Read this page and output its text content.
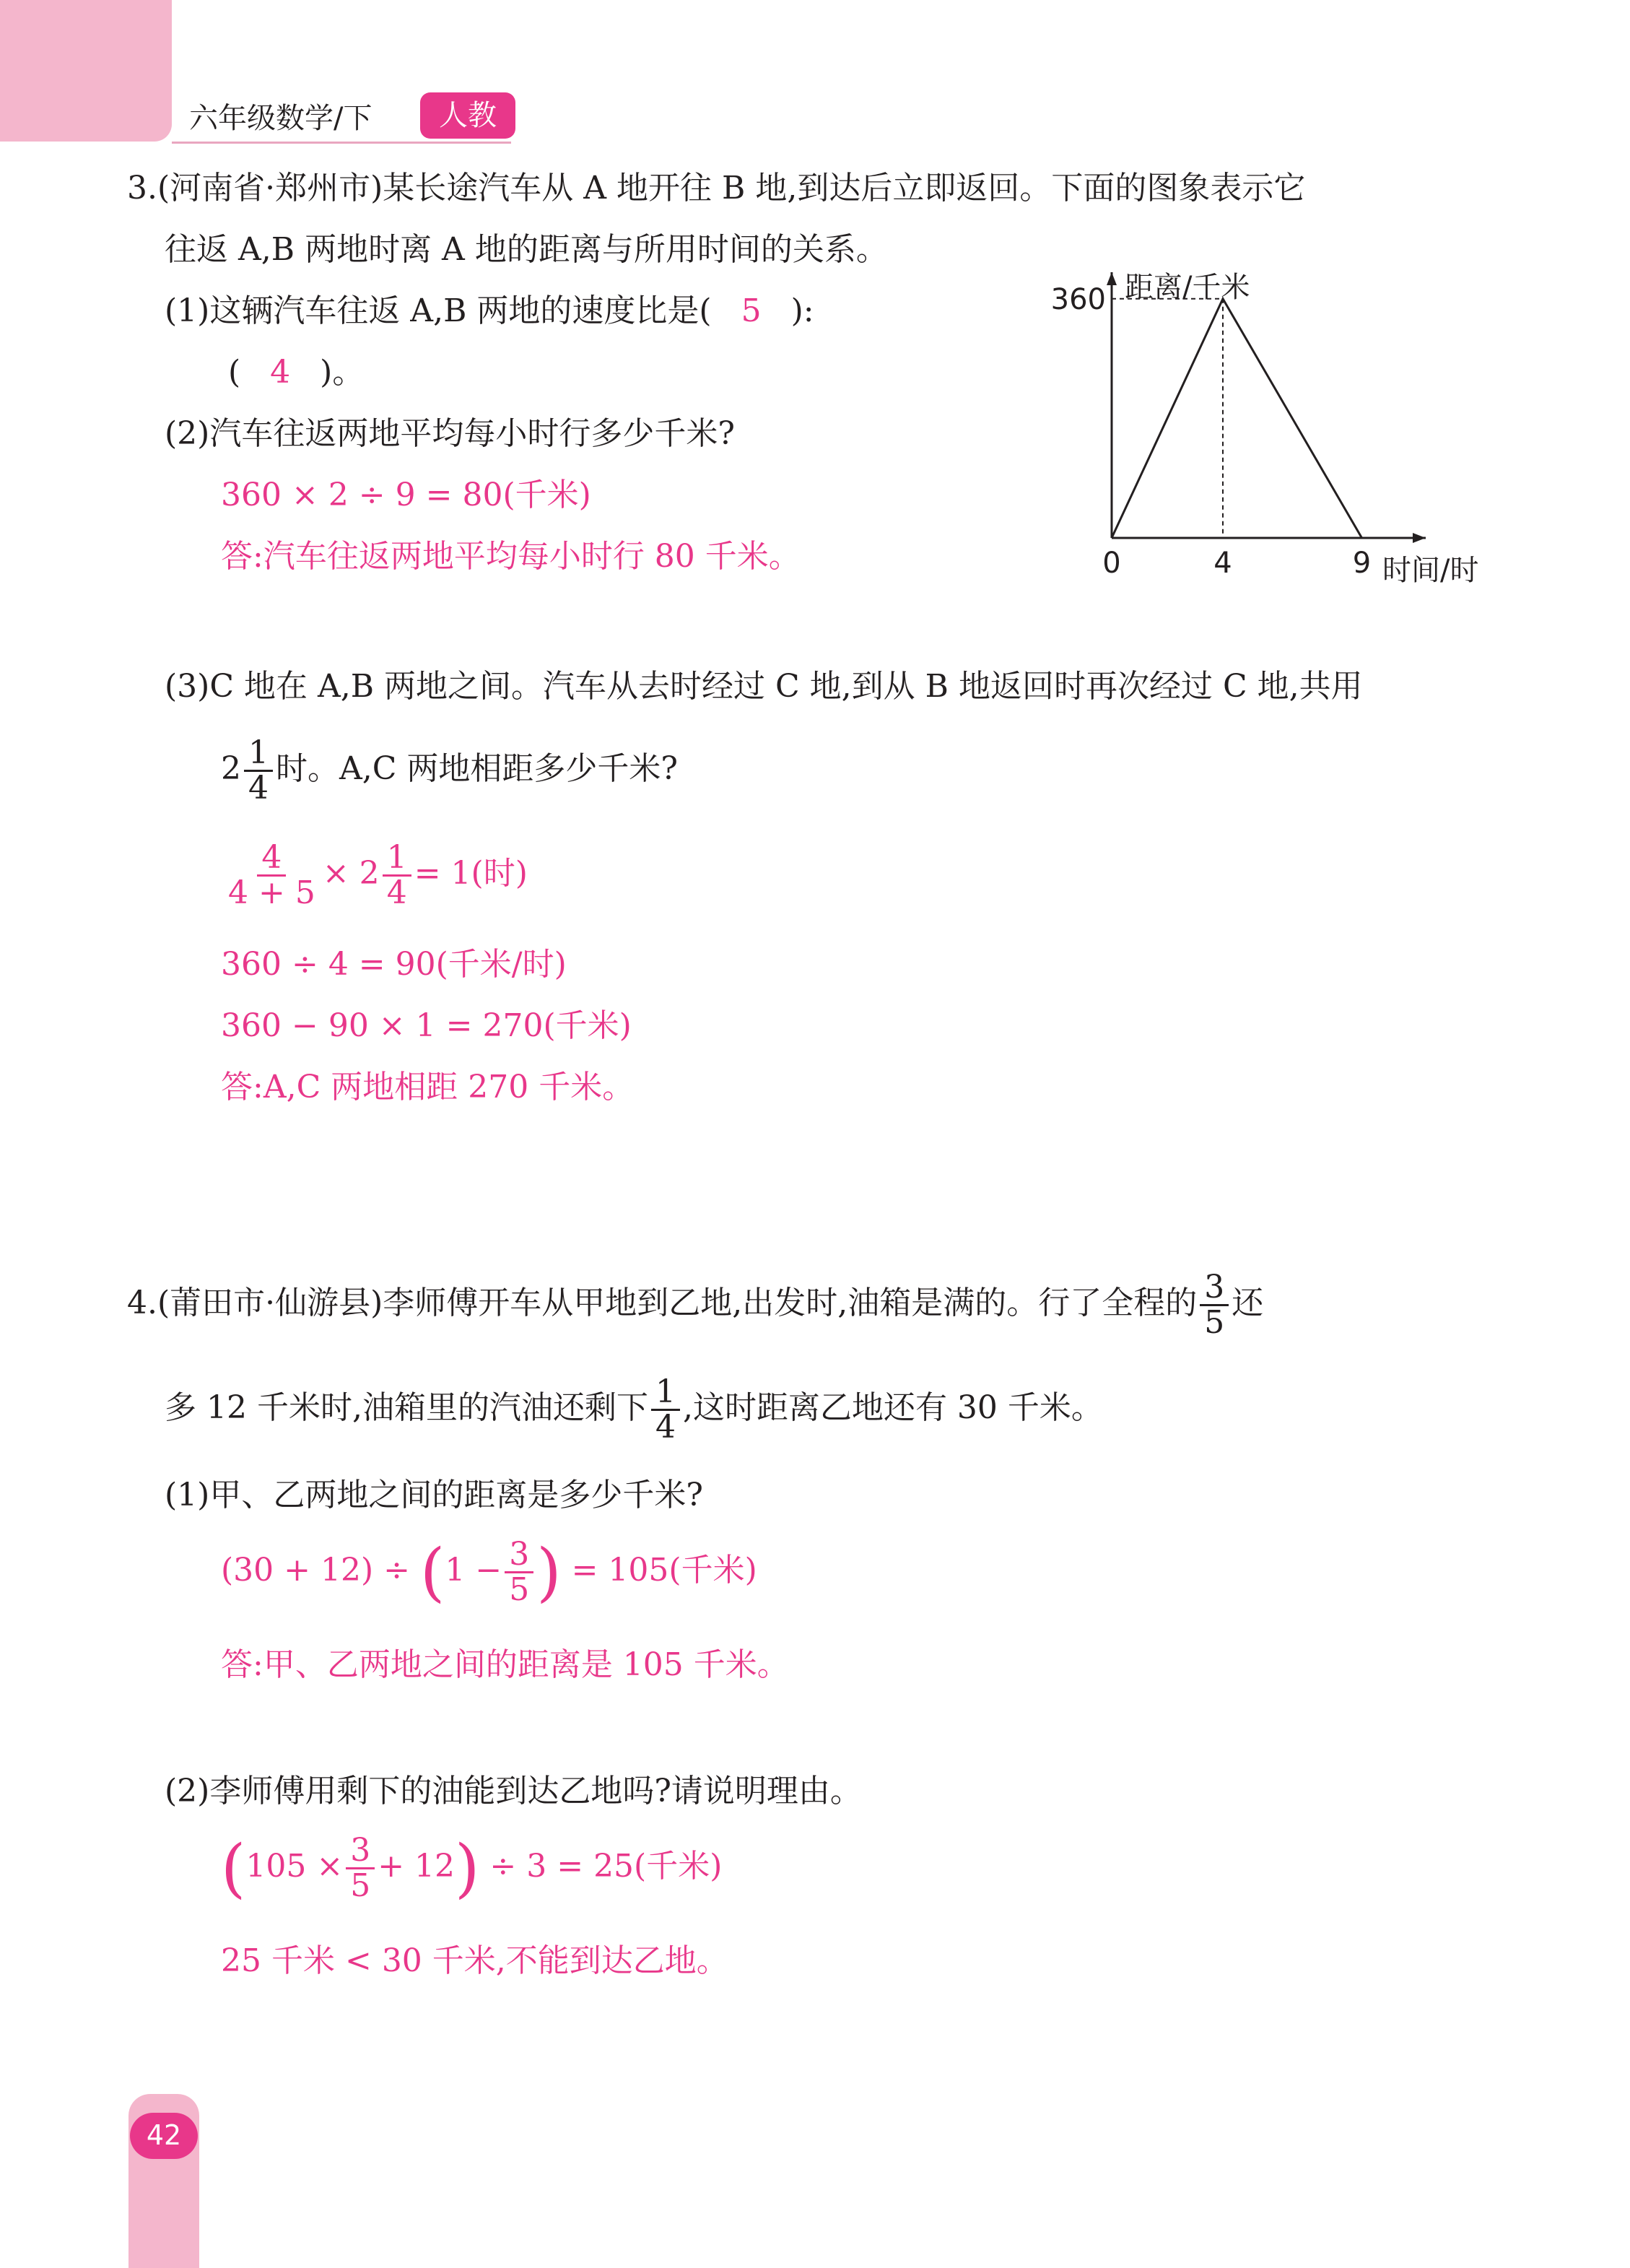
六年级数学/下	人教
3.(河南省·郑州市)某长途汽车从 A 地开往 B 地,到达后立即返回。下面的图象表示它
往返 A,B 两地时离 A 地的距离与所用时间的关系。
(1)这辆汽车往返 A,B 两地的速度比是( 5 ):
( 4 )。
(2)汽车往返两地平均每小时行多少千米?
360 × 2 ÷ 9 = 80(千米)
答:汽车往返两地平均每小时行 80 千米。	0	4	9
360 距离/千米
时间/时
(3)C 地在 A,B 两地之间。汽车从去时经过 C 地,到从 B 地返回时再次经过 C 地,共用
$2 \frac{1}{4}$ 时。A,C 两地相距多少千米?
$\frac{4}{4 + 5} \times 2 \frac{1}{4} = 1$(时)
360 ÷ 4 = 90(千米/时)
360 − 90 × 1 = 270(千米)
答:A,C 两地相距 270 千米。
4.(莆田市·仙游县)李师傅开车从甲地到乙地,出发时,油箱是满的。行了全程的 $\frac{3}{5}$ 还
多 12 千米时,油箱里的汽油还剩下 $\frac{1}{4}$ ,这时距离乙地还有 30 千米。
(1)甲、乙两地之间的距离是多少千米?
$(30 + 12) \div (1 - \frac{3}{5}$ ) = 105(千米)
答:甲、乙两地之间的距离是 105 千米。
(2)李师傅用剩下的油能到达乙地吗?请说明理由。
$(105 \times \frac{3}{5} + 12) \div 3 = 25$(千米)
25 千米 < 30 千米,不能到达乙地。
42
